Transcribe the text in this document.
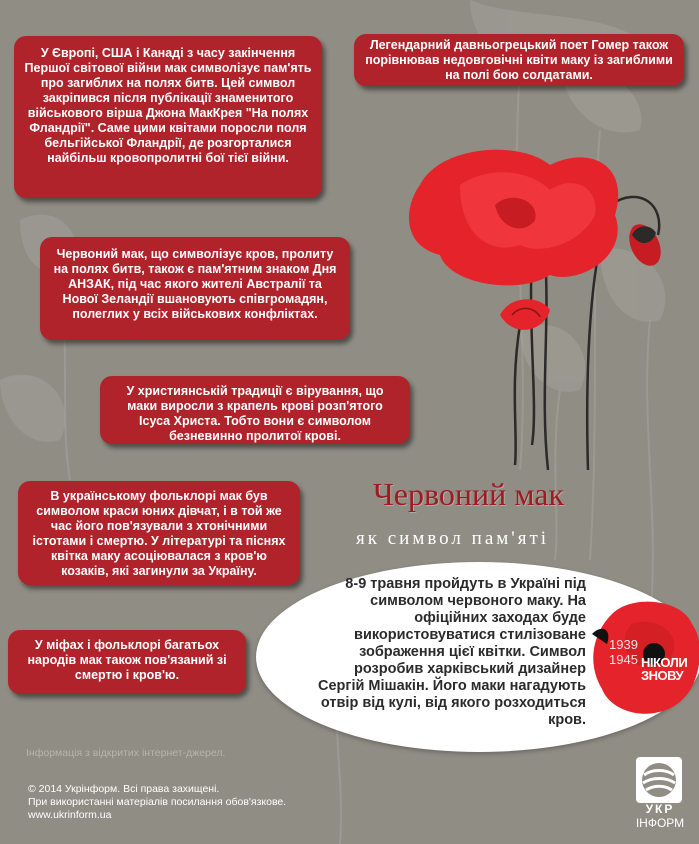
У Європі, США і Канаді з часу закінчення Першої світової війни мак символізує пам'ять про загиблих на полях битв. Цей символ закріпився після публікації знаменитого військового вірша Джона МакКрея "На полях Фландрії". Саме цими квітами поросли поля бельгійської Фландрії, де розгорталися найбільш кровопролитні бої тієї війни.
Легендарний давньогрецький поет Гомер також порівнював недовговічні квіти маку із загиблими на полі бою солдатами.
Червоний мак, що символізує кров, пролиту на полях битв, також є пам'ятним знаком Дня АНЗАК, під час якого жителі Австралії та Нової Зеландії вшановують співгромадян, полеглих у всіх військових конфліктах.
У християнській традиції є вірування, що маки виросли з крапель крові розп'ятого Ісуса Христа. Тобто вони є символом безневинно пролитої крові.
В українському фольклорі мак був символом краси юних дівчат, і в той же час його пов'язували з хтонічними істотами і смертю. У літературі та піснях квітка маку асоціювалася з кров'ю козаків, які загинули за Україну.
У міфах і фольклорі багатьох народів мак також пов'язаний зі смертю і кров'ю.
Червоний мак
як символ пам'яті
8-9 травня пройдуть в Україні під символом червоного маку. На офіційних заходах буде використовуватися стилізоване зображення цієї квітки. Символ розробив харківський дизайнер Сергій Мішакін. Його маки нагадують отвір від кулі, від якого розходиться кров.
1939
1945 НІКОЛИ ЗНОВУ
Інформація з відкритих інтернет-джерел.
© 2014 Укрінформ. Всі права захищені.
При використанні матеріалів посилання обов'язкове.
www.ukrinform.ua	УКР
ІНФОРМ
